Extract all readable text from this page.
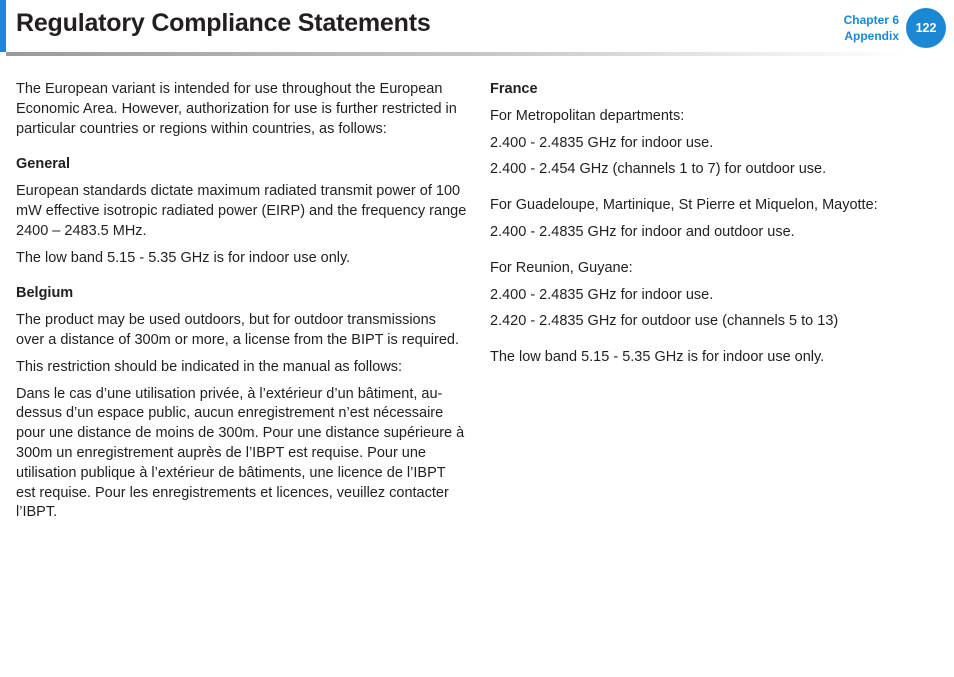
Regulatory Compliance Statements	Chapter 6
Appendix
122

The European variant is intended for use throughout the European Economic Area. However, authorization for use is further restricted in particular countries or regions within countries, as follows:

General

European standards dictate maximum radiated transmit power of 100 mW effective isotropic radiated power (EIRP) and the frequency range 2400 – 2483.5 MHz.

The low band 5.15 - 5.35 GHz is for indoor use only.

Belgium

The product may be used outdoors, but for outdoor transmissions over a distance of 300m or more, a license from the BIPT is required.

This restriction should be indicated in the manual as follows:

Dans le cas d’une utilisation privée, à l’extérieur d’un bâtiment, au-dessus d’un espace public, aucun enregistrement n’est nécessaire pour une distance de moins de 300m. Pour une distance supérieure à 300m un enregistrement auprès de l’IBPT est requise. Pour une utilisation publique à l’extérieur de bâtiments, une licence de l’IBPT est requise. Pour les enregistrements et licences, veuillez contacter l’IBPT.

France

For Metropolitan departments:

2.400 - 2.4835 GHz for indoor use.

2.400 - 2.454 GHz (channels 1 to 7) for outdoor use.

For Guadeloupe, Martinique, St Pierre et Miquelon, Mayotte:

2.400 - 2.4835 GHz for indoor and outdoor use.

For Reunion, Guyane:

2.400 - 2.4835 GHz for indoor use.

2.420 - 2.4835 GHz for outdoor use (channels 5 to 13)

The low band 5.15 - 5.35 GHz is for indoor use only.
